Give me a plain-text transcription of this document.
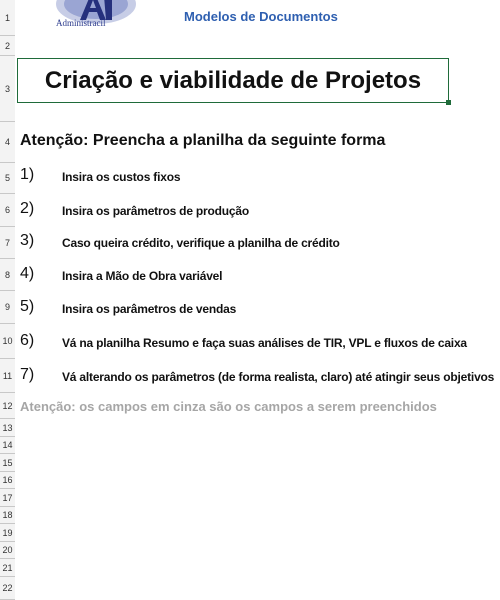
1
2
3
4
5
6
7
8
9
10
11
12
13
14
15
16
17
18
19
20
21
22
Administracil	Modelos de Documentos
Criação e viabilidade de Projetos
Atenção: Preencha a planilha da seguinte forma
1) Insira os custos fixos
2) Insira os parâmetros de produção
3) Caso queira crédito, verifique a planilha de crédito
4) Insira a Mão de Obra variável
5) Insira os parâmetros de vendas
6) Vá na planilha Resumo e faça suas análises de TIR, VPL e fluxos de caixa
7) Vá alterando os parâmetros (de forma realista, claro) até atingir seus objetivos
Atenção: os campos em cinza são os campos a serem preenchidos
